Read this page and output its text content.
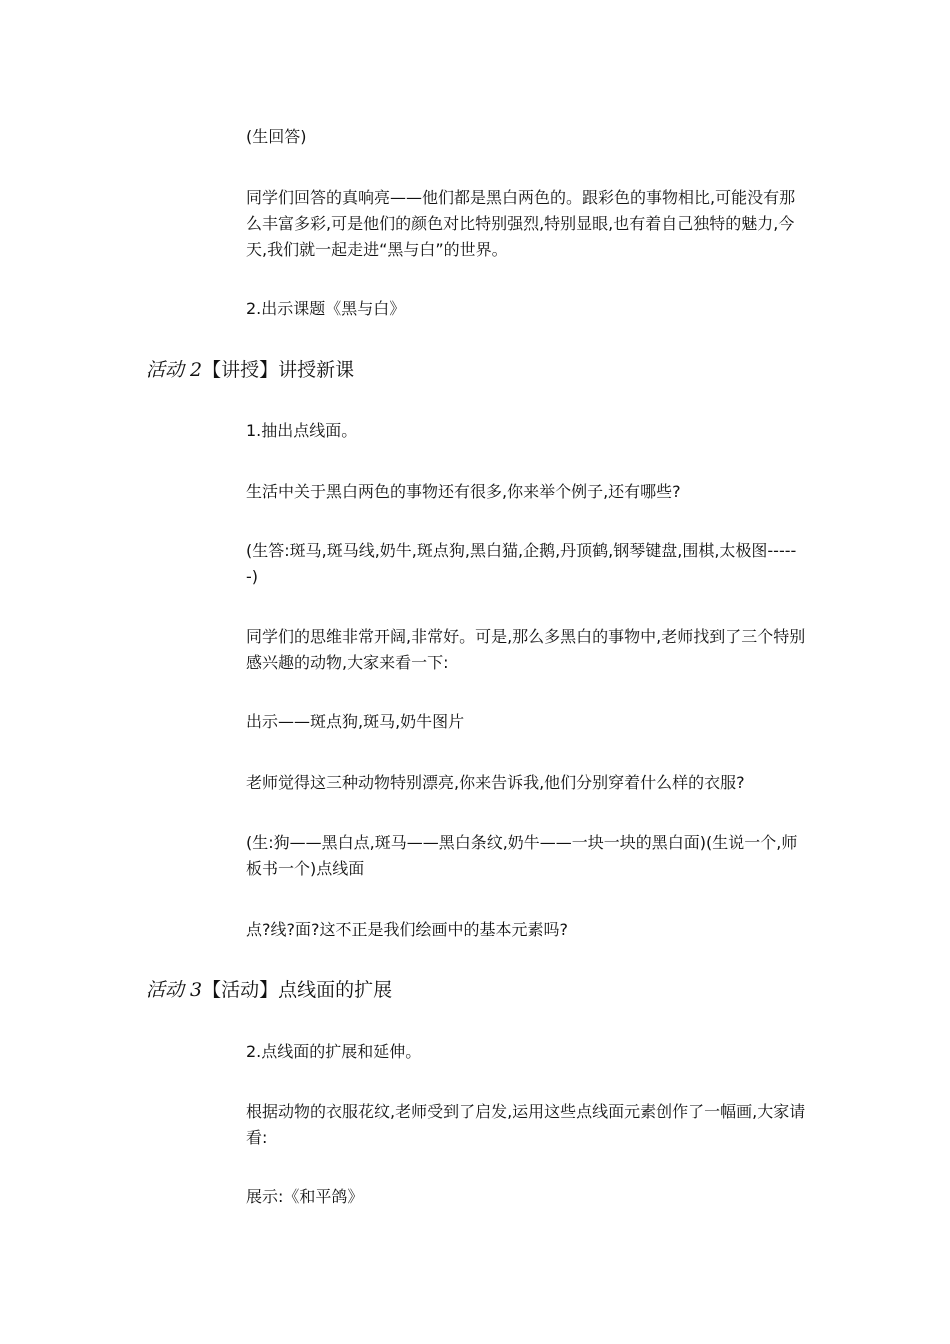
(生回答)

同学们回答的真响亮——他们都是黑白两色的。跟彩色的事物相比,可能没有那么丰富多彩,可是他们的颜色对比特别强烈,特别显眼,也有着自己独特的魅力,今天,我们就一起走进“黑与白”的世界。

2.出示课题《黑与白》

活动 2【讲授】讲授新课

1.抽出点线面。

生活中关于黑白两色的事物还有很多,你来举个例子,还有哪些?

(生答:斑马,斑马线,奶牛,斑点狗,黑白猫,企鹅,丹顶鹤,钢琴键盘,围棋,太极图------)

同学们的思维非常开阔,非常好。可是,那么多黑白的事物中,老师找到了三个特别感兴趣的动物,大家来看一下:

出示——斑点狗,斑马,奶牛图片

老师觉得这三种动物特别漂亮,你来告诉我,他们分别穿着什么样的衣服?

(生:狗——黑白点,斑马——黑白条纹,奶牛——一块一块的黑白面)(生说一个,师板书一个)点线面

点?线?面?这不正是我们绘画中的基本元素吗?

活动 3【活动】点线面的扩展

2.点线面的扩展和延伸。

根据动物的衣服花纹,老师受到了启发,运用这些点线面元素创作了一幅画,大家请看:

展示:《和平鸽》
